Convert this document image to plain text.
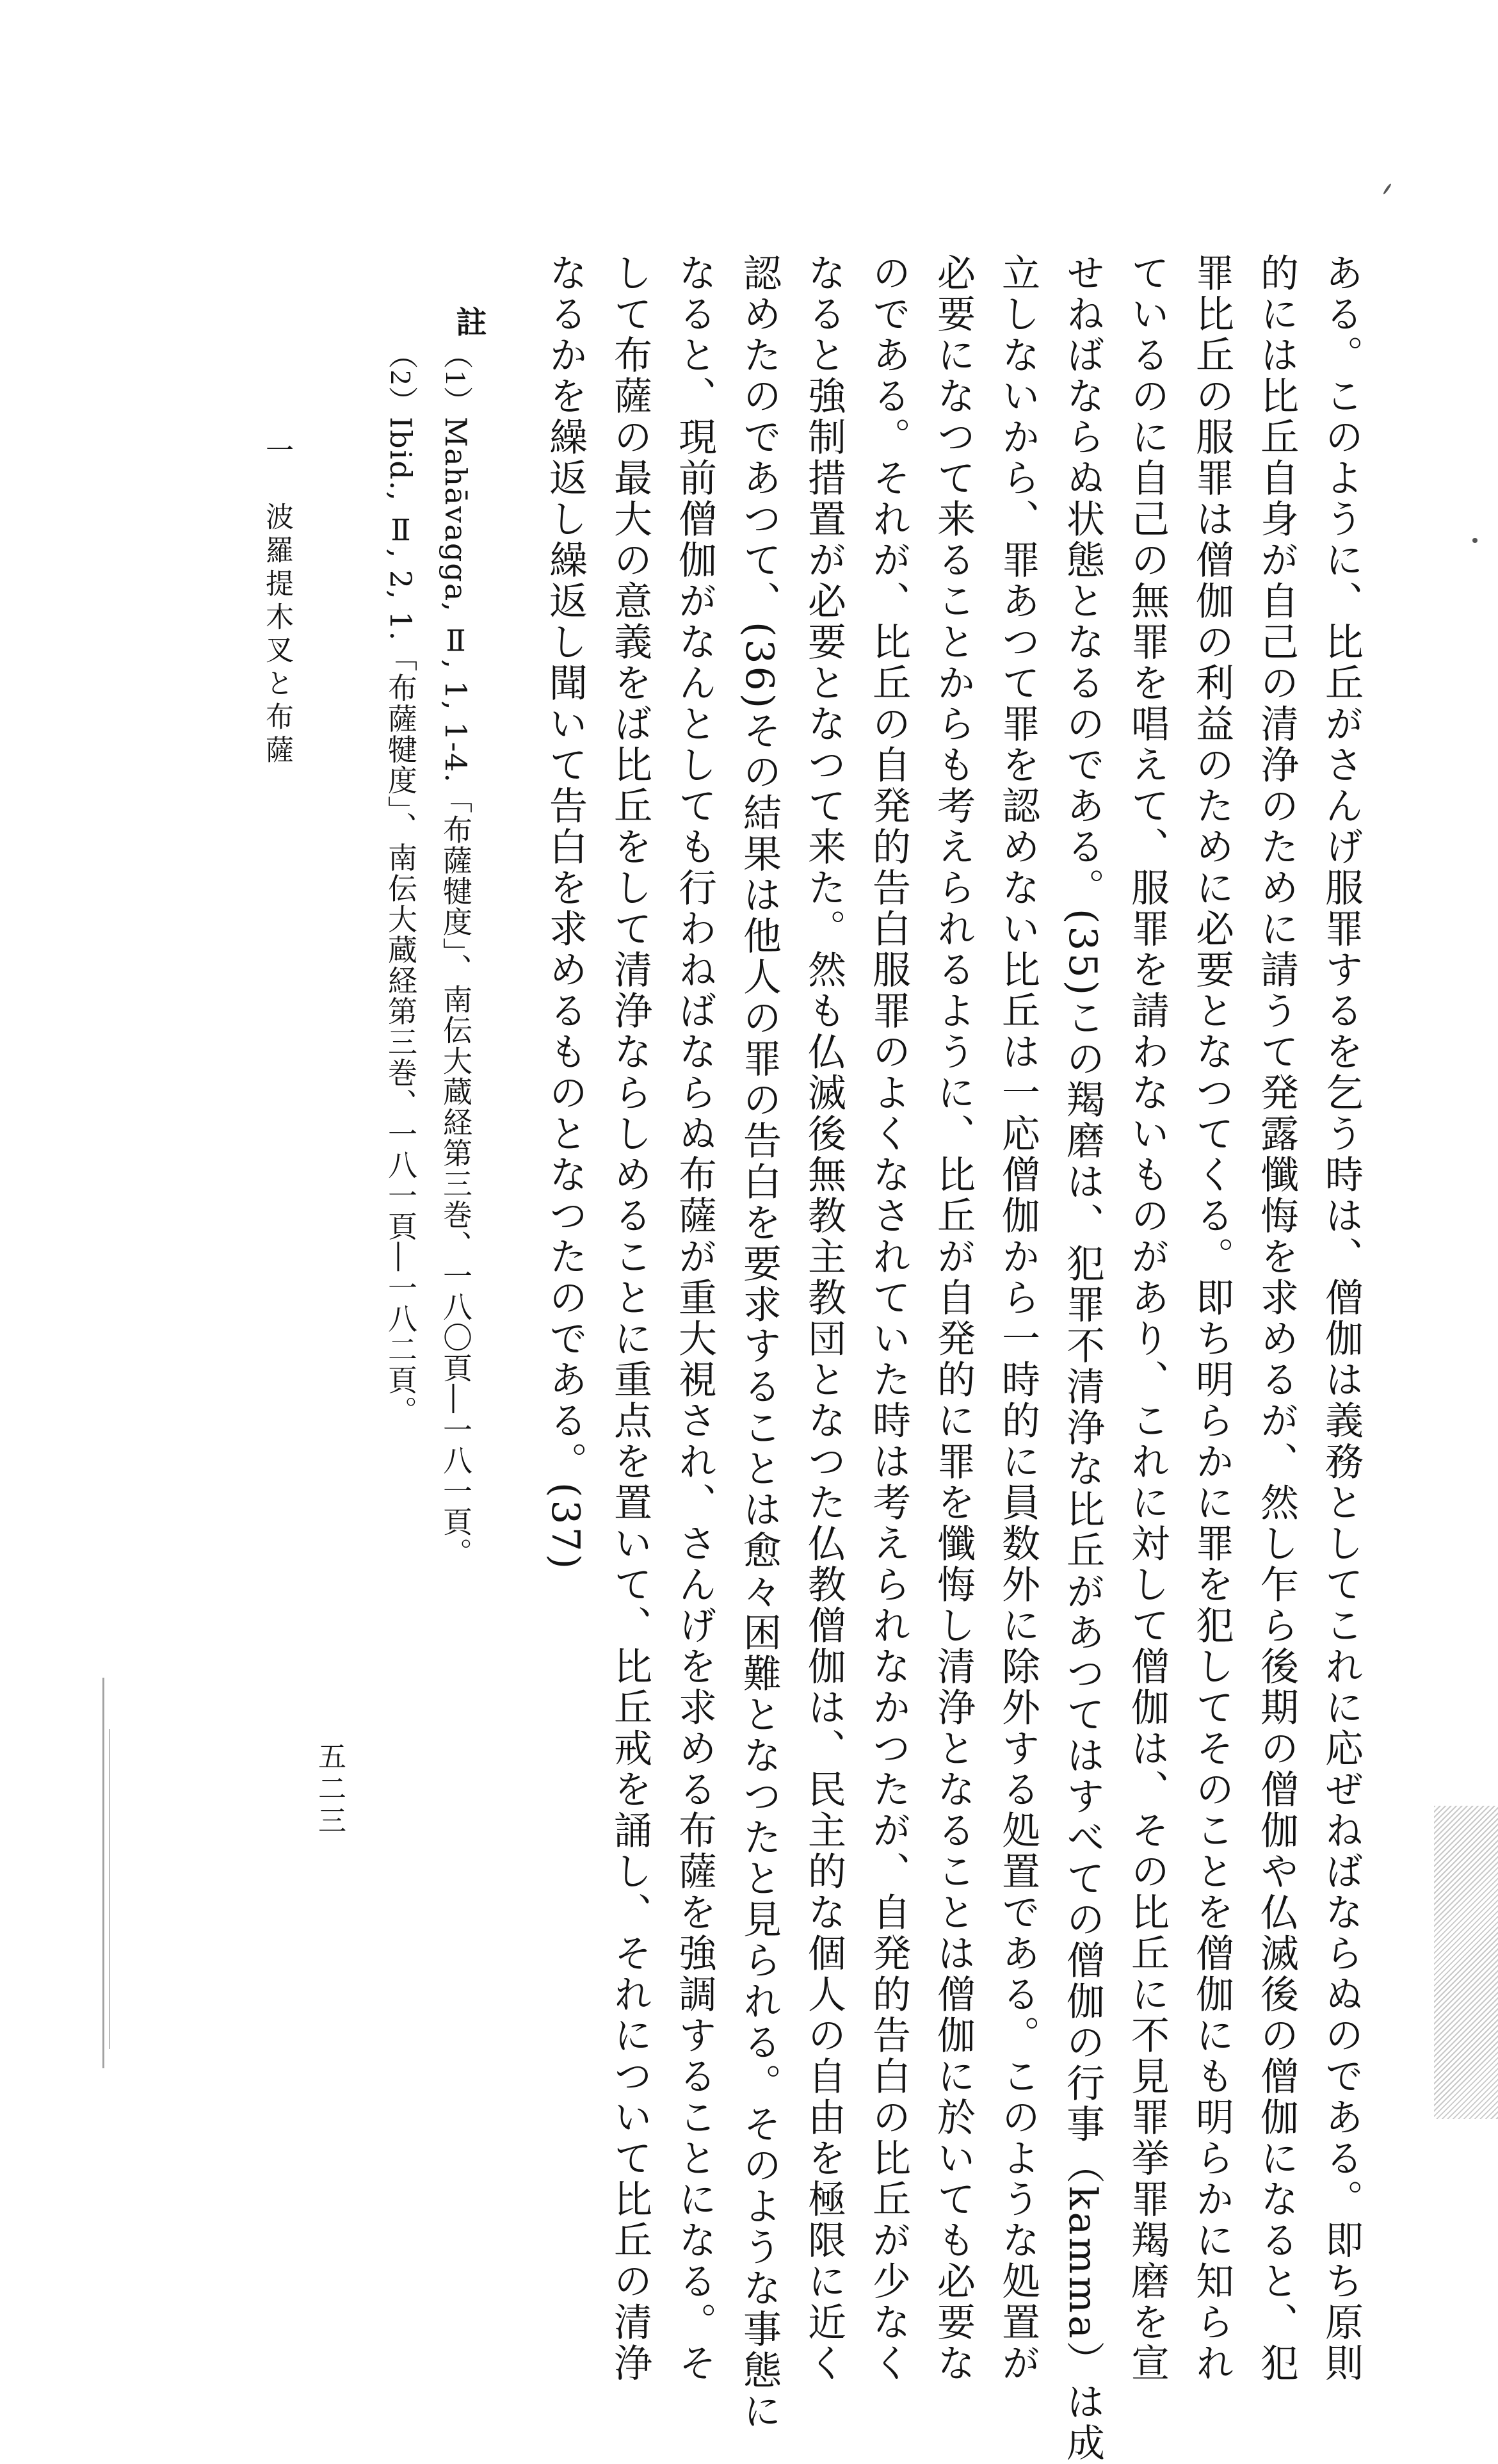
ある。このように、比丘がさんげ服罪するを乞う時は、僧伽は義務としてこれに応ぜねばならぬのである。即ち原則

的には比丘自身が自己の清浄のために請うて発露懺悔を求めるが、然し乍ら後期の僧伽や仏滅後の僧伽になると、犯

罪比丘の服罪は僧伽の利益のために必要となつてくる。即ち明らかに罪を犯してそのことを僧伽にも明らかに知られ

ているのに自己の無罪を唱えて、服罪を請わないものがあり、これに対して僧伽は、その比丘に不見罪挙罪羯磨を宣

せねばならぬ状態となるのである。(35)この羯磨は、犯罪不清浄な比丘があつてはすべての僧伽の行事（kamma）は成

立しないから、罪あつて罪を認めない比丘は一応僧伽から一時的に員数外に除外する処置である。このような処置が

必要になつて来ることからも考えられるように、比丘が自発的に罪を懺悔し清浄となることは僧伽に於いても必要な

のである。それが、比丘の自発的告白服罪のよくなされていた時は考えられなかつたが、自発的告白の比丘が少なく

なると強制措置が必要となつて来た。然も仏滅後無教主教団となつた仏教僧伽は、民主的な個人の自由を極限に近く

認めたのであつて、(36)その結果は他人の罪の告白を要求することは愈々困難となつたと見られる。そのような事態に

なると、現前僧伽がなんとしても行わねばならぬ布薩が重大視され、さんげを求める布薩を強調することになる。そ

して布薩の最大の意義をば比丘をして清浄ならしめることに重点を置いて、比丘戒を誦し、それについて比丘の清浄

なるかを繰返し繰返し聞いて告白を求めるものとなつたのである。(37)

註

（1）Mahāvagga, Ⅱ, 1, 1-4.「布薩犍度」、南伝大蔵経第三巻、一八〇頁―一八一頁。

（2）Ibid., Ⅱ, 2, 1.「布薩犍度」、南伝大蔵経第三巻、一八一頁―一八二頁。

一　波羅提木叉と布薩
五二三
